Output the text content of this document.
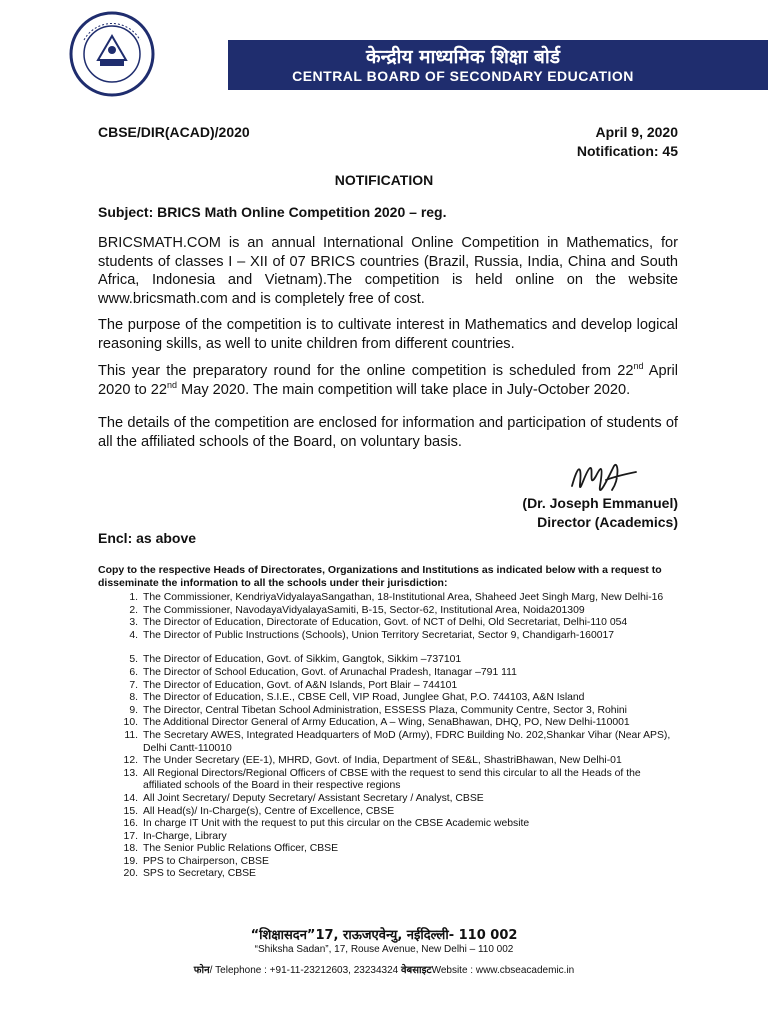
केन्द्रीय माध्यमिक शिक्षा बोर्ड
CENTRAL BOARD OF SECONDARY EDUCATION
CBSE/DIR(ACAD)/2020	April 9, 2020
Notification: 45
NOTIFICATION
Subject: BRICS Math Online Competition 2020 – reg.
BRICSMATH.COM is an annual International Online Competition in Mathematics, for students of classes I – XII of 07 BRICS countries (Brazil, Russia, India, China and South Africa, Indonesia and Vietnam).The competition is held online on the website www.bricsmath.com and is completely free of cost.
The purpose of the competition is to cultivate interest in Mathematics and develop logical reasoning skills, as well to unite children from different countries.
This year the preparatory round for the online competition is scheduled from 22nd April 2020 to 22nd May 2020. The main competition will take place in July-October 2020.
The details of the competition are enclosed for information and participation of students of all the affiliated schools of the Board, on voluntary basis.
(Dr. Joseph Emmanuel)
Director (Academics)
Encl: as above
Copy to the respective Heads of Directorates, Organizations and Institutions as indicated below with a request to disseminate the information to all the schools under their jurisdiction:
1. The Commissioner, KendriyaVidyalayaSangathan, 18-Institutional Area, Shaheed Jeet Singh Marg, New Delhi-16
2. The Commissioner, NavodayaVidyalayaSamiti, B-15, Sector-62, Institutional Area, Noida201309
3. The Director of Education, Directorate of Education, Govt. of NCT of Delhi, Old Secretariat, Delhi-110 054
4. The Director of Public Instructions (Schools), Union Territory Secretariat, Sector 9, Chandigarh-160017
5. The Director of Education, Govt. of Sikkim, Gangtok, Sikkim –737101
6. The Director of School Education, Govt. of Arunachal Pradesh, Itanagar –791 111
7. The Director of Education, Govt. of A&N Islands, Port Blair – 744101
8. The Director of Education, S.I.E., CBSE Cell, VIP Road, Junglee Ghat, P.O. 744103, A&N Island
9. The Director, Central Tibetan School Administration, ESSESS Plaza, Community Centre, Sector 3, Rohini
10. The Additional Director General of Army Education, A – Wing, SenaBhawan, DHQ, PO, New Delhi-110001
11. The Secretary AWES, Integrated Headquarters of MoD (Army), FDRC Building No. 202,Shankar Vihar (Near APS), Delhi Cantt-110010
12. The Under Secretary (EE-1), MHRD, Govt. of India, Department of SE&L, ShastriBhawan, New Delhi-01
13. All Regional Directors/Regional Officers of CBSE with the request to send this circular to all the Heads of the affiliated schools of the Board in their respective regions
14. All Joint Secretary/ Deputy Secretary/ Assistant Secretary / Analyst, CBSE
15. All Head(s)/ In-Charge(s), Centre of Excellence, CBSE
16. In charge IT Unit with the request to put this circular on the CBSE Academic website
17. In-Charge, Library
18. The Senior Public Relations Officer, CBSE
19. PPS to Chairperson, CBSE
20. SPS to Secretary, CBSE
“शिक्षासदन”17, राऊजएवेन्यु, नईदिल्ली- 110 002
“Shiksha Sadan”, 17, Rouse Avenue, New Delhi – 110 002
फोन/ Telephone : +91-11-23212603, 23234324 वेबसाइटWebsite : www.cbseacademic.in
